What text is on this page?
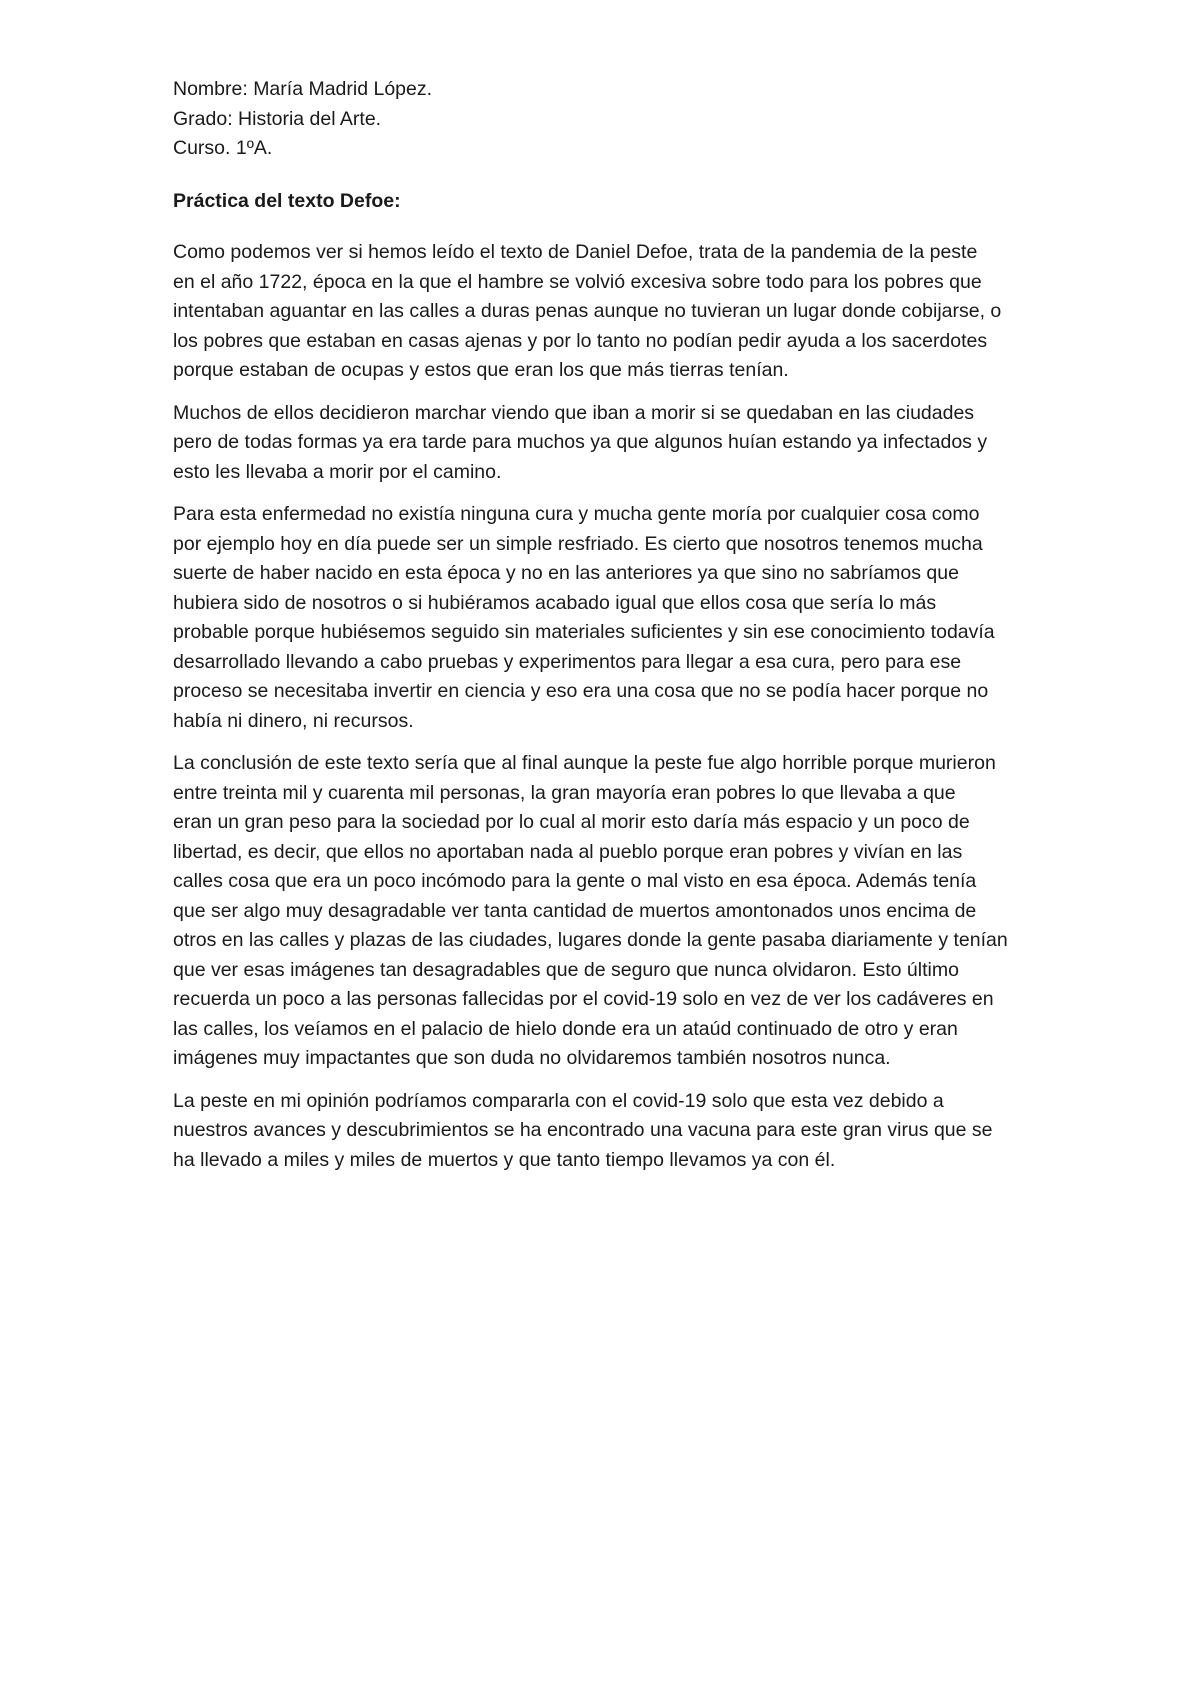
Nombre: María Madrid López.

Grado: Historia del Arte.

Curso. 1ºA.

Práctica del texto Defoe:

Como podemos ver si hemos leído el texto de Daniel Defoe, trata de la pandemia de la peste
en el año 1722, época en la que el hambre se volvió excesiva sobre todo para los pobres que
intentaban aguantar en las calles a duras penas aunque no tuvieran un lugar donde cobijarse, o
los pobres que estaban en casas ajenas y por lo tanto no podían pedir ayuda a los sacerdotes
porque estaban de ocupas y estos que eran los que más tierras tenían.

Muchos de ellos decidieron marchar viendo que iban a morir si se quedaban en las ciudades
pero de todas formas ya era tarde para muchos ya que algunos huían estando ya infectados y
esto les llevaba a morir por el camino.

Para esta enfermedad no existía ninguna cura y mucha gente moría por cualquier cosa como
por ejemplo hoy en día puede ser un simple resfriado. Es cierto que nosotros tenemos mucha
suerte de haber nacido en esta época y no en las anteriores ya que sino no sabríamos que
hubiera sido de nosotros o si hubiéramos acabado igual que ellos cosa que sería lo más
probable porque hubiésemos seguido sin materiales suficientes y sin ese conocimiento todavía
desarrollado llevando a cabo pruebas y experimentos para llegar a esa cura, pero para ese
proceso se necesitaba invertir en ciencia y eso era una cosa que no se podía hacer porque no
había ni dinero, ni recursos.

La conclusión de este texto sería que al final aunque la peste fue algo horrible porque murieron
entre treinta mil y cuarenta mil personas, la gran mayoría eran pobres lo que llevaba a que
eran un gran peso para la sociedad por lo cual al morir esto daría más espacio y un poco de
libertad, es decir, que ellos no aportaban nada al pueblo porque eran pobres y vivían en las
calles cosa que era un poco incómodo para la gente o mal visto en esa época. Además tenía
que ser algo muy desagradable ver tanta cantidad de muertos amontonados unos encima de
otros en las calles y plazas de las ciudades, lugares donde la gente pasaba diariamente y tenían
que ver esas imágenes tan desagradables que de seguro que nunca olvidaron. Esto último
recuerda un poco a las personas fallecidas por el covid-19 solo en vez de ver los cadáveres en
las calles, los veíamos en el palacio de hielo donde era un ataúd continuado de otro y eran
imágenes muy impactantes que son duda no olvidaremos también nosotros nunca.

La peste en mi opinión podríamos compararla con el covid-19 solo que esta vez debido a
nuestros avances y descubrimientos se ha encontrado una vacuna para este gran virus que se
ha llevado a miles y miles de muertos y que tanto tiempo llevamos ya con él.
